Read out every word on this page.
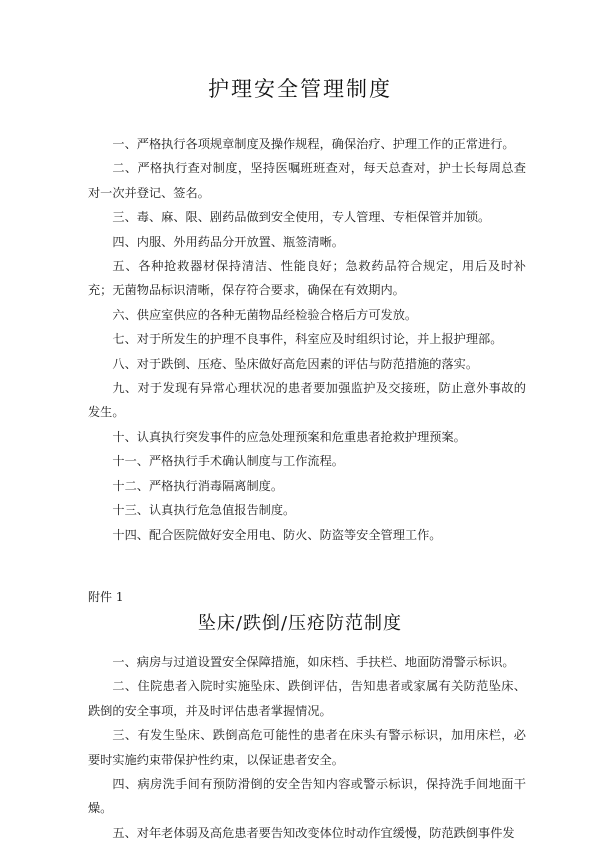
护理安全管理制度

一、严格执行各项规章制度及操作规程，确保治疗、护理工作的正常进行。

二、严格执行查对制度，坚持医嘱班班查对，每天总查对，护士长每周总查对一次并登记、签名。

三、毒、麻、限、剧药品做到安全使用，专人管理、专柜保管并加锁。

四、内服、外用药品分开放置、瓶签清晰。

五、各种抢救器材保持清洁、性能良好；急救药品符合规定，用后及时补充；无菌物品标识清晰，保存符合要求，确保在有效期内。

六、供应室供应的各种无菌物品经检验合格后方可发放。

七、对于所发生的护理不良事件，科室应及时组织讨论，并上报护理部。

八、对于跌倒、压疮、坠床做好高危因素的评估与防范措施的落实。

九、对于发现有异常心理状况的患者要加强监护及交接班，防止意外事故的发生。

十、认真执行突发事件的应急处理预案和危重患者抢救护理预案。

十一、严格执行手术确认制度与工作流程。

十二、严格执行消毒隔离制度。

十三、认真执行危急值报告制度。

十四、配合医院做好安全用电、防火、防盗等安全管理工作。

附件 1
坠床/跌倒/压疮防范制度

一、病房与过道设置安全保障措施，如床档、手扶栏、地面防滑警示标识。

二、住院患者入院时实施坠床、跌倒评估，告知患者或家属有关防范坠床、跌倒的安全事项，并及时评估患者掌握情况。

三、有发生坠床、跌倒高危可能性的患者在床头有警示标识，加用床栏，必要时实施约束带保护性约束，以保证患者安全。

四、病房洗手间有预防滑倒的安全告知内容或警示标识，保持洗手间地面干燥。

五、对年老体弱及高危患者要告知改变体位时动作宜缓慢，防范跌倒事件发
